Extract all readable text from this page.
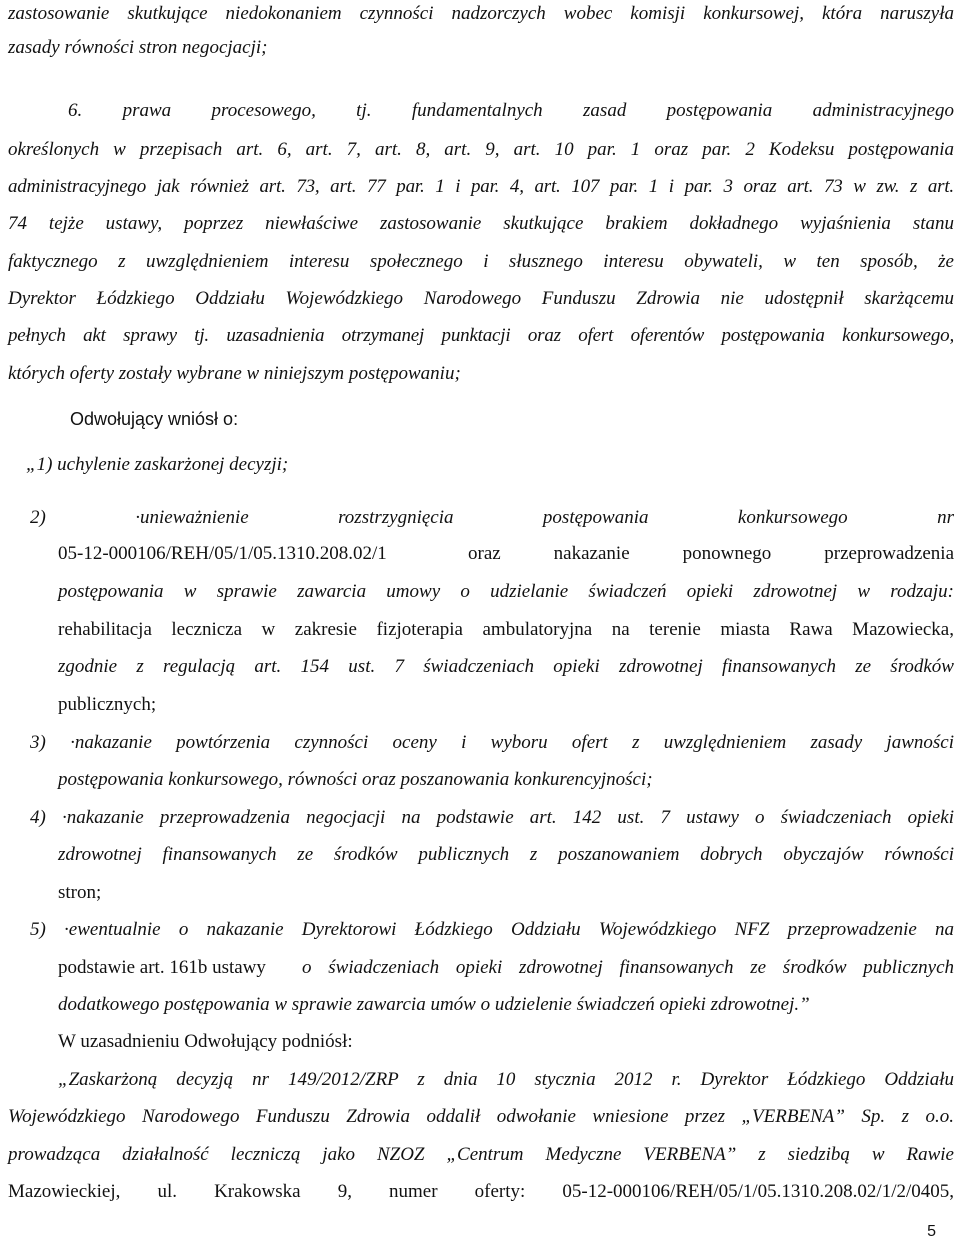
zastosowanie skutkujące niedokonaniem czynności nadzorczych wobec komisji konkursowej, która naruszyła
zasady równości stron negocjacji;
6. prawa procesowego, tj. fundamentalnych zasad postępowania administracyjnego
określonych w przepisach art. 6, art. 7, art. 8, art. 9, art. 10 par. 1 oraz par. 2 Kodeksu postępowania
administracyjnego jak również art. 73, art. 77 par. 1 i par. 4, art. 107 par. 1 i par. 3 oraz art. 73 w zw. z art.
74 tejże ustawy, poprzez niewłaściwe zastosowanie skutkujące brakiem dokładnego wyjaśnienia stanu
faktycznego z uwzględnieniem interesu społecznego i słusznego interesu obywateli, w ten sposób, że
Dyrektor Łódzkiego Oddziału Wojewódzkiego Narodowego Funduszu Zdrowia nie udostępnił skarżącemu
pełnych akt sprawy tj. uzasadnienia otrzymanej punktacji oraz ofert oferentów postępowania konkursowego,
których oferty zostały wybrane w niniejszym postępowaniu;
Odwołujący wniósł o:
„1) uchylenie zaskarżonej decyzji;
2) ·unieważnienie rozstrzygnięcia postępowania konkursowego nr
05-12-000106/REH/05/1/05.1310.208.02/1	oraz nakazanie ponownego przeprowadzenia
postępowania w sprawie zawarcia umowy o udzielanie świadczeń opieki zdrowotnej w rodzaju:
rehabilitacja lecznicza w zakresie fizjoterapia ambulatoryjna na terenie miasta Rawa Mazowiecka,
zgodnie z regulacją art. 154 ust. 7 świadczeniach opieki zdrowotnej finansowanych ze środków
publicznych;
3) ·nakazanie powtórzenia czynności oceny i wyboru ofert z uwzględnieniem zasady jawności
postępowania konkursowego, równości oraz poszanowania konkurencyjności;
4) ·nakazanie przeprowadzenia negocjacji na podstawie art. 142 ust. 7 ustawy o świadczeniach opieki
zdrowotnej finansowanych ze środków publicznych z poszanowaniem dobrych obyczajów równości
stron;
5) ·ewentualnie o nakazanie Dyrektorowi Łódzkiego Oddziału Wojewódzkiego NFZ przeprowadzenie na
podstawie art. 161b ustawy	o świadczeniach opieki zdrowotnej finansowanych ze środków publicznych
dodatkowego postępowania w sprawie zawarcia umów o udzielenie świadczeń opieki zdrowotnej.”
W uzasadnieniu Odwołujący podniósł:
„Zaskarżoną decyzją nr 149/2012/ZRP z dnia 10 stycznia 2012 r. Dyrektor Łódzkiego Oddziału
Wojewódzkiego Narodowego Funduszu Zdrowia oddalił odwołanie wniesione przez „VERBENA” Sp. z o.o.
prowadząca działalność leczniczą jako NZOZ „Centrum Medyczne VERBENA” z siedzibą w Rawie
Mazowieckiej, ul. Krakowska 9, numer oferty: 05-12-000106/REH/05/1/05.1310.208.02/1/2/0405,
5
